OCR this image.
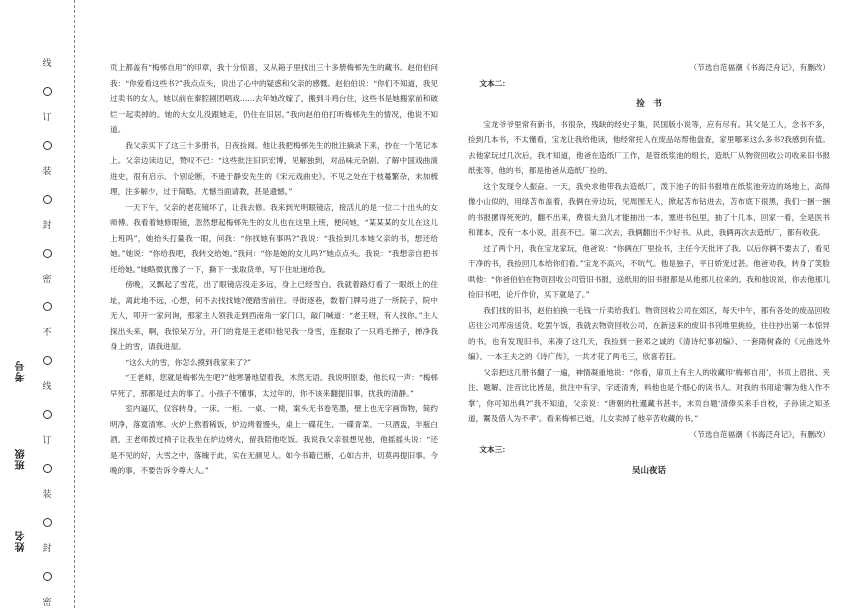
线
订
装
封
密
不
线
订
装
封
密
考号
班级
姓名

页上都盖有“梅邨自用”的印章，我十分惊喜，又从箱子里找出三十多册梅邨先生的藏书。赵伯伯问我：“你爱看这些书?”我点点头，说出了心中的疑惑和父亲的感慨。赵伯伯说：“你们不知道，我见过卖书的女人，她以前在秦腔剧团唱戏……去年她改嫁了，搬到斗鸡台住，这些书是她搬家前和破烂一起卖掉的。她的大女儿没跟她走，仍住在旧居。”我向赵伯伯打听梅邨先生的情况，他说不知道。

我父亲买下了这三十多册书，日夜捡阅。他让我把梅邨先生的批注摘录下来，抄在一个笔记本上。父亲边读边记，赞叹不已：“这些批注旧识宏博，见解独到，对品味元杂剧、了解中国戏曲演进史，很有启示。个别论断，不逊于静安先生的《宋元戏曲史》。不见之处在于枝蔓繁杂，未加梳理，注多解少，过于简略。尤憾当面请教，甚是遗憾。”

一天下午，父亲的老花镜坏了，让我去修。我来到光明眼镜店，接活儿的是一位二十出头的女师傅。我看着她修眼镜，忽然想起梅邨先生的女儿也在这里上班，便问她，“某某某的女儿在这儿上班吗”，她抬头打量我一眼，问我：“你找她有事吗?”我说：“我捡到几本她父亲的书，想还给她。”她说：“你给我吧，我转交给她。”我问：“你是她的女儿吗?”她点点头。我说：“我想亲自把书还给她。”她略微犹豫了一下，撕下一张取货单，写下住址递给我。

傍晚，又飘起了雪花，出了眼镜店没走多远，身上已经雪白。我就着路灯看了一眼纸上的住址，离此地不远，心想，何不去找找她?便踏雪前往。寻街逐巷，数着门牌号进了一所院子，院中无人，叩开一家问询，那家主人领我走到西南角一家门口，敲门喊道：“老王呀，有人找你。”主人探出头来，啊，我惊呆万分，开门的竟是王老师!他见我一身雪，连握取了一只鸡毛掸子，掸净我身上的雪，请我进屋。

“这么大的雪，你怎么摸到我家来了?”

“王老师，您就是梅邨先生吧?”他寒暑地望着我，木然无语。我说明原委，他长叹一声：“梅邨早死了，那都是过去的事了。小孩子不懂事，太过年的，你不该来翻提旧事，扰我的清静。”

室内逼仄，仅容转身，一床、一柜、一桌、一椅，案头无书卷笔墨，壁上也无字画饰物，简约明净，落寞清寒。火炉上熬着稀饭，炉边烤着馒头，桌上一碟花生、一碟青菜、一只酒盅，半瓶白酒，王老师拨过椅子让我坐在炉边烤火，留我陪他吃饭。我说我父亲很想见他，他摇摇头说：“还是不见的好，大雪之中，落魄于此，实在无颜见人。如今书籍已断，心如古井，切莫再提旧事。今晚的事，不要告诉令尊大人。”

（节选自范福潮《书海泛舟记》，有删改）

文本二：

捡　书

宝龙爷爷里常有新书，书很杂，残缺的经史子集，民国版小说等，应有尽有。其父是工人，念书不多，捡到几本书，不太懂看，宝龙让我给他读，他经常托人在废品站帮他盘查，家里哪来这么多书?我感到有值。去他家玩过几次后，我才知道，他爸在造纸厂工作，是管纸浆池的组长，造纸厂从物资回收公司收来旧书报纸张等，他的书，都是他爸从造纸厂捡的。

这个发现令人振奋。一天，我央求他带我去造纸厂，泼下池子的旧书报堆在纸浆池旁边的场地上，高得像小山似的，用绿苫布盖着，我俩在旁边玩，见周围无人，掀起苫布钻进去，苫布底下很黑，我们一捆一捆的书报摞得死死的，翻不出来，费很大劲儿才能抽出一本，塞进书包里，抽了十几本，回家一看，全是医书和课本，没有一本小说，沮丧不已。第二次去，我俩翻出不少好书。从此，我俩再次去造纸厂，都有收获。

过了两个月，我在宝龙家玩，他爸说：“你俩在厂里捡书，主任今天批评了我。以后你俩不要去了，看见干净的书，我捡回几本给你们看。”宝龙不高兴，不吭气。他是独子，平日娇宠过甚。他爸劝我，转身了笑脸哄他：“你爸伯伯在物资回收公司管旧书报，送纸用的旧书报都是从他那儿拉来的。我和他说说，你去他那儿捡旧书吧，论斤作价，买下就是了。”

我们找的旧书，赵伯伯换一毛钱一斤卖给我们。物资回收公司在郊区，每天中午，都有各处的废品回收店往公司库房送货。吃罢午饭，我就去物资回收公司，在新送来的废旧书刊堆里挑捡，往往抄出第一本惊异的书，也有发现旧书，来凑了这几天，我捡到一套邓之诚的《清诗纪事初编》、一套隋树森的《元曲选外编》、一本王夫之的《诗广传》，一共才花了两毛三，欣喜若狂。

父亲把这几册书翻了一遍，神情凝重地说：“你看，扉页上有主人的收藏印‘梅邨自用’，书页上眉批、夹注、题解、注音比比皆是，批注中有字，字迹清秀，料他也是个细心的读书人。对我的书用途‘聊为他人作不掌’，你可知出典?”我不知道，父亲说：“唐朝的杜暹藏书甚丰，末页自题‘清俸买来手自校，子孙读之知圣道，鬻及借人为不孝’。看来梅邨已逝，儿女卖掉了他辛苦收藏的书。”

（节选自范福潮《书海泛舟记》，有删改）

文本三：

吴山夜话
